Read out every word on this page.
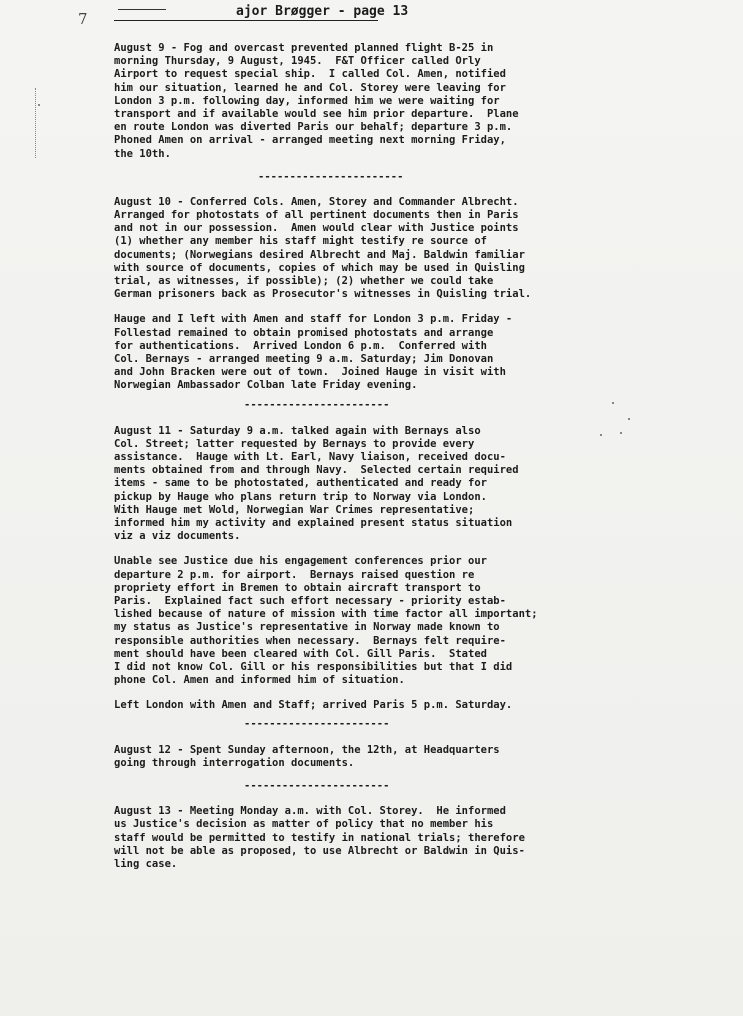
7	ajor Brøgger - page 13
August 9 - Fog and overcast prevented planned flight B-25 in
morning Thursday, 9 August, 1945.  F&T Officer called Orly
Airport to request special ship.  I called Col. Amen, notified
him our situation, learned he and Col. Storey were leaving for
London 3 p.m. following day, informed him we were waiting for
transport and if available would see him prior departure.  Plane
en route London was diverted Paris our behalf; departure 3 p.m.
Phoned Amen on arrival - arranged meeting next morning Friday,
the 10th.
-----------------------
August 10 - Conferred Cols. Amen, Storey and Commander Albrecht.
Arranged for photostats of all pertinent documents then in Paris
and not in our possession.  Amen would clear with Justice points
(1) whether any member his staff might testify re source of
documents; (Norwegians desired Albrecht and Maj. Baldwin familiar
with source of documents, copies of which may be used in Quisling
trial, as witnesses, if possible); (2) whether we could take
German prisoners back as Prosecutor's witnesses in Quisling trial.
Hauge and I left with Amen and staff for London 3 p.m. Friday -
Follestad remained to obtain promised photostats and arrange
for authentications.  Arrived London 6 p.m.  Conferred with
Col. Bernays - arranged meeting 9 a.m. Saturday; Jim Donovan
and John Bracken were out of town.  Joined Hauge in visit with
Norwegian Ambassador Colban late Friday evening.
-----------------------
August 11 - Saturday 9 a.m. talked again with Bernays also
Col. Street; latter requested by Bernays to provide every
assistance.  Hauge with Lt. Earl, Navy liaison, received docu-
ments obtained from and through Navy.  Selected certain required
items - same to be photostated, authenticated and ready for
pickup by Hauge who plans return trip to Norway via London.
With Hauge met Wold, Norwegian War Crimes representative;
informed him my activity and explained present status situation
viz a viz documents.
Unable see Justice due his engagement conferences prior our
departure 2 p.m. for airport.  Bernays raised question re
propriety effort in Bremen to obtain aircraft transport to
Paris.  Explained fact such effort necessary - priority estab-
lished because of nature of mission with time factor all important;
my status as Justice's representative in Norway made known to
responsible authorities when necessary.  Bernays felt require-
ment should have been cleared with Col. Gill Paris.  Stated
I did not know Col. Gill or his responsibilities but that I did
phone Col. Amen and informed him of situation.
Left London with Amen and Staff; arrived Paris 5 p.m. Saturday.
-----------------------
August 12 - Spent Sunday afternoon, the 12th, at Headquarters
going through interrogation documents.
-----------------------
August 13 - Meeting Monday a.m. with Col. Storey.  He informed
us Justice's decision as matter of policy that no member his
staff would be permitted to testify in national trials; therefore
will not be able as proposed, to use Albrecht or Baldwin in Quis-
ling case.
